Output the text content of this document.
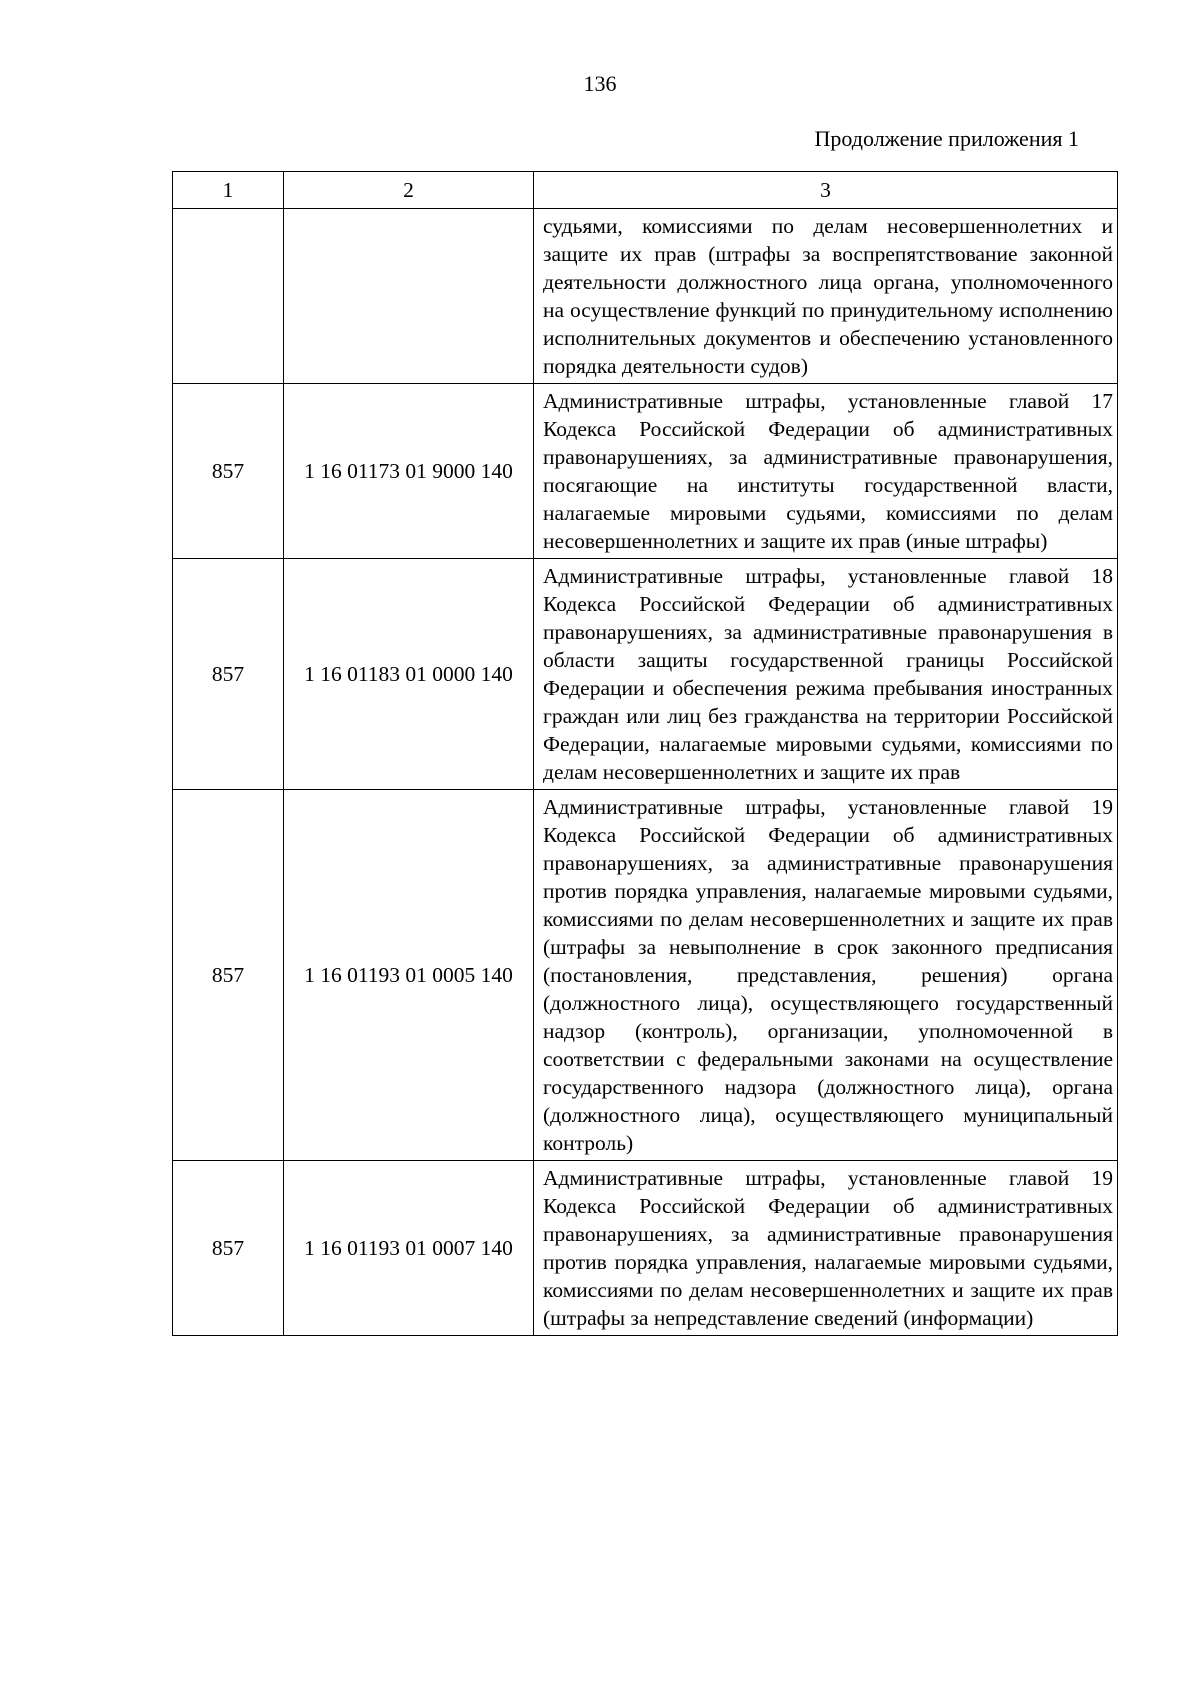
136
Продолжение приложения 1
1	2	3
		судьями, комиссиями по делам несовершеннолетних и защите их прав (штрафы за воспрепятствование законной деятельности должностного лица органа, уполномоченного на осуществление функций по принудительному исполнению исполнительных документов и обеспечению установленного порядка деятельности судов)
857	1 16 01173 01 9000 140	Административные штрафы, установленные главой 17 Кодекса Российской Федерации об административных правонарушениях, за административные правонарушения, посягающие на институты государственной власти, налагаемые мировыми судьями, комиссиями по делам несовершеннолетних и защите их прав (иные штрафы)
857	1 16 01183 01 0000 140	Административные штрафы, установленные главой 18 Кодекса Российской Федерации об административных правонарушениях, за административные правонарушения в области защиты государственной границы Российской Федерации и обеспечения режима пребывания иностранных граждан или лиц без гражданства на территории Российской Федерации, налагаемые мировыми судьями, комиссиями по делам несовершеннолетних и защите их прав
857	1 16 01193 01 0005 140	Административные штрафы, установленные главой 19 Кодекса Российской Федерации об административных правонарушениях, за административные правонарушения против порядка управления, налагаемые мировыми судьями, комиссиями по делам несовершеннолетних и защите их прав (штрафы за невыполнение в срок законного предписания (постановления, представления, решения) органа (должностного лица), осуществляющего государственный надзор (контроль), организации, уполномоченной в соответствии с федеральными законами на осуществление государственного надзора (должностного лица), органа (должностного лица), осуществляющего муниципальный контроль)
857	1 16 01193 01 0007 140	Административные штрафы, установленные главой 19 Кодекса Российской Федерации об административных правонарушениях, за административные правонарушения против порядка управления, налагаемые мировыми судьями, комиссиями по делам несовершеннолетних и защите их прав (штрафы за непредставление сведений (информации)
